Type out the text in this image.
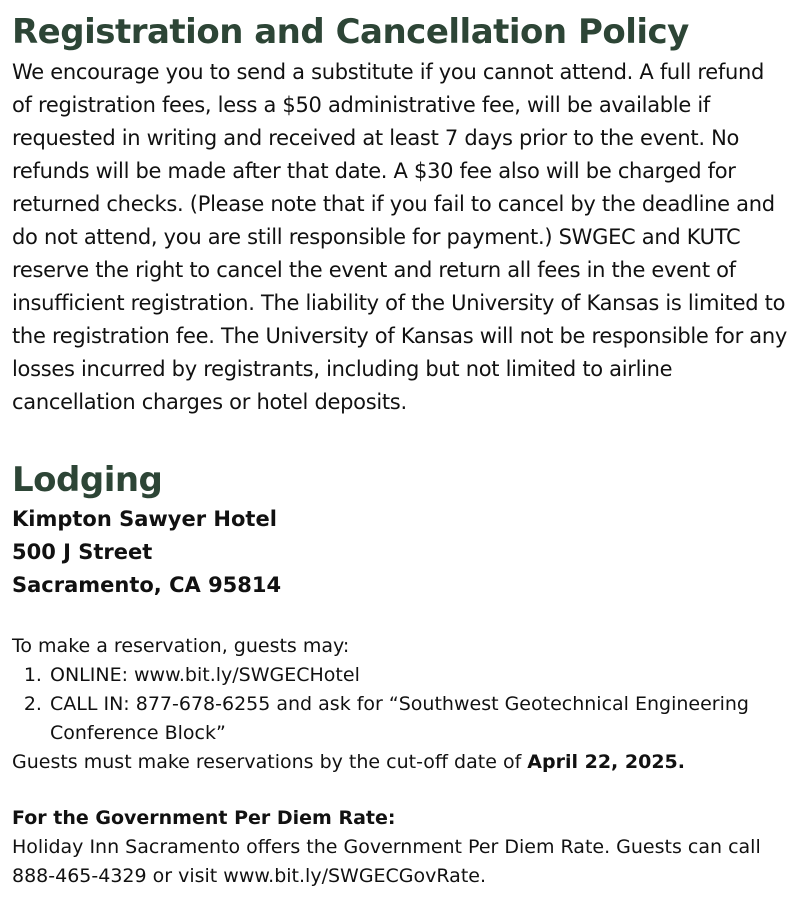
Registration and Cancellation Policy

We encourage you to send a substitute if you cannot attend. A full refund of registration fees, less a $50 administrative fee, will be available if requested in writing and received at least 7 days prior to the event. No refunds will be made after that date. A $30 fee also will be charged for returned checks. (Please note that if you fail to cancel by the deadline and do not attend, you are still responsible for payment.) SWGEC and KUTC reserve the right to cancel the event and return all fees in the event of insufficient registration. The liability of the University of Kansas is limited to the registration fee. The University of Kansas will not be responsible for any losses incurred by registrants, including but not limited to airline cancellation charges or hotel deposits.

Lodging
Kimpton Sawyer Hotel
500 J Street
Sacramento, CA 95814
To make a reservation, guests may:
1. ONLINE: www.bit.ly/SWGECHotel
2. CALL IN: 877-678-6255 and ask for “Southwest Geotechnical Engineering Conference Block”
Guests must make reservations by the cut-off date of April 22, 2025.
For the Government Per Diem Rate:
Holiday Inn Sacramento offers the Government Per Diem Rate. Guests can call 888-465-4329 or visit www.bit.ly/SWGECGovRate.
